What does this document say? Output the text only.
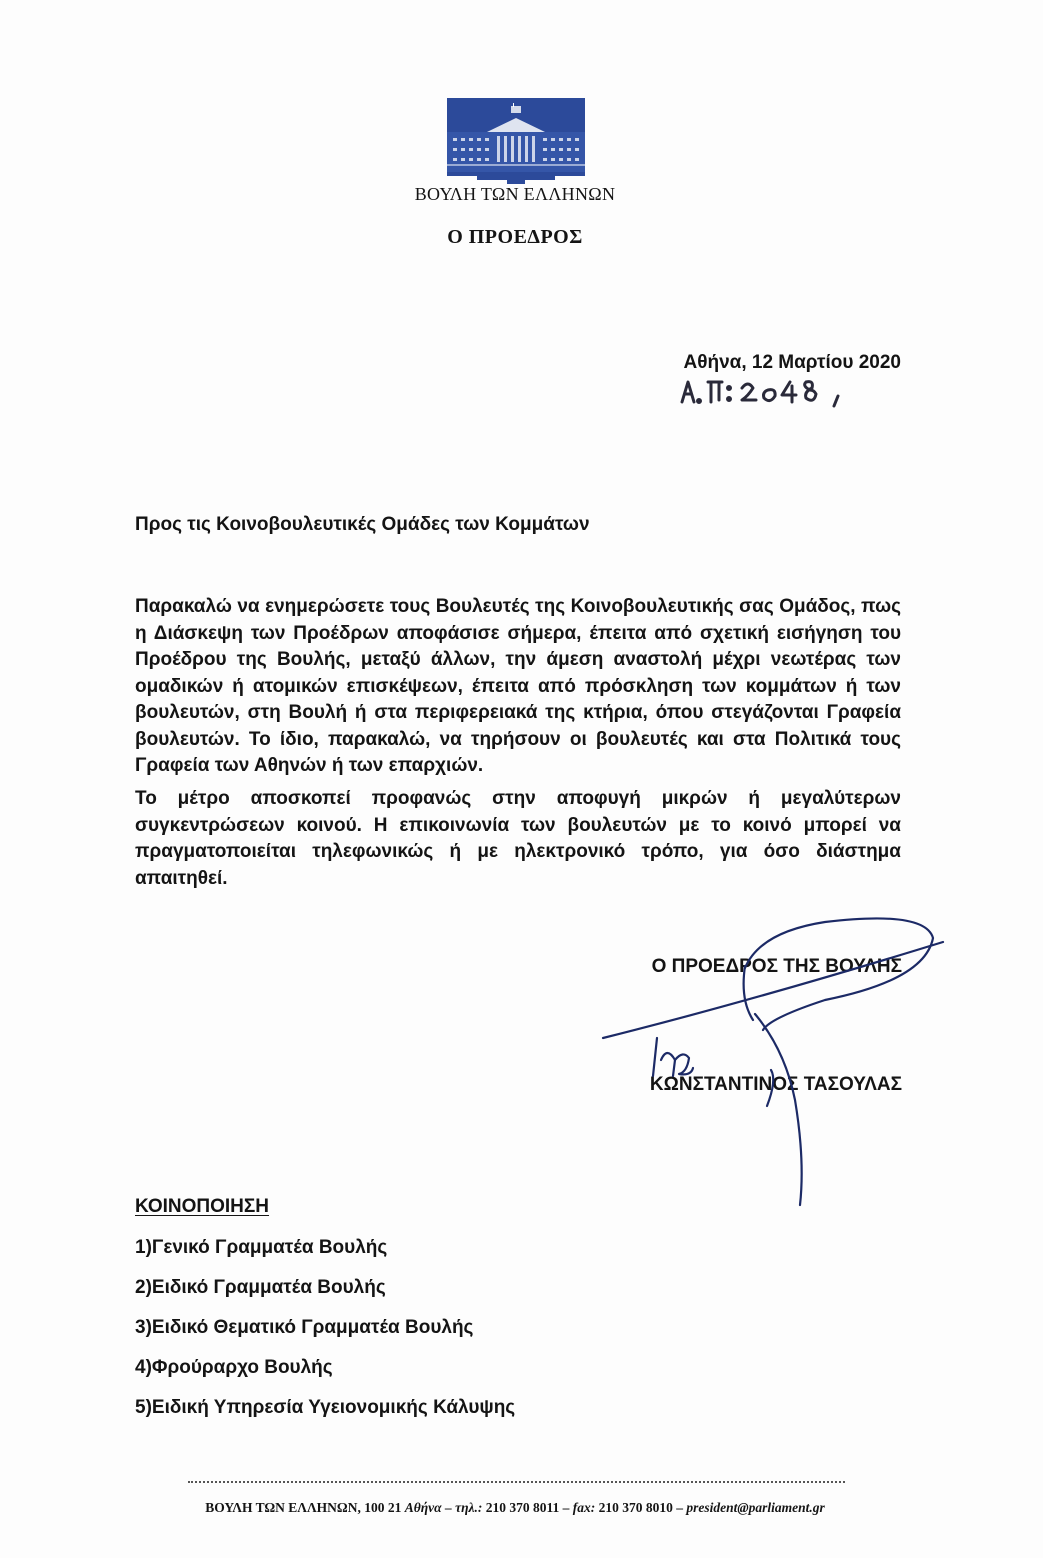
ΒΟΥΛΗ ΤΩΝ ΕΛΛΗΝΩΝ
Ο ΠΡΟΕΔΡΟΣ
Αθήνα, 12 Μαρτίου 2020
Προς τις Κοινοβουλευτικές Ομάδες των Κομμάτων

Παρακαλώ να ενημερώσετε τους Βουλευτές της Κοινοβουλευτικής σας Ομάδος, πως η Διάσκεψη των Προέδρων αποφάσισε σήμερα, έπειτα από σχετική εισήγηση του Προέδρου της Βουλής, μεταξύ άλλων, την άμεση αναστολή μέχρι νεωτέρας των ομαδικών ή ατομικών επισκέψεων, έπειτα από πρόσκληση των κομμάτων ή των βουλευτών, στη Βουλή ή στα περιφερειακά της κτήρια, όπου στεγάζονται Γραφεία βουλευτών. Το ίδιο, παρακαλώ, να τηρήσουν οι βουλευτές και στα Πολιτικά τους Γραφεία των Αθηνών ή των επαρχιών.

Το μέτρο αποσκοπεί προφανώς στην αποφυγή μικρών ή μεγαλύτερων συγκεντρώσεων κοινού. Η επικοινωνία των βουλευτών με το κοινό μπορεί να πραγματοποιείται τηλεφωνικώς ή με ηλεκτρονικό τρόπο, για όσο διάστημα απαιτηθεί.

Ο ΠΡΟΕΔΡΟΣ ΤΗΣ ΒΟΥΛΗΣ
ΚΩΝΣΤΑΝΤΙΝΟΣ ΤΑΣΟΥΛΑΣ
ΚΟΙΝΟΠΟΙΗΣΗ
1)Γενικό Γραμματέα Βουλής
2)Ειδικό Γραμματέα Βουλής
3)Ειδικό Θεματικό Γραμματέα Βουλής
4)Φρούραρχο Βουλής
5)Ειδική Υπηρεσία Υγειονομικής Κάλυψης
ΒΟΥΛΗ ΤΩΝ ΕΛΛΗΝΩΝ, 100 21 Αθήνα – τηλ.: 210 370 8011 – fax: 210 370 8010 – president@parliament.gr
